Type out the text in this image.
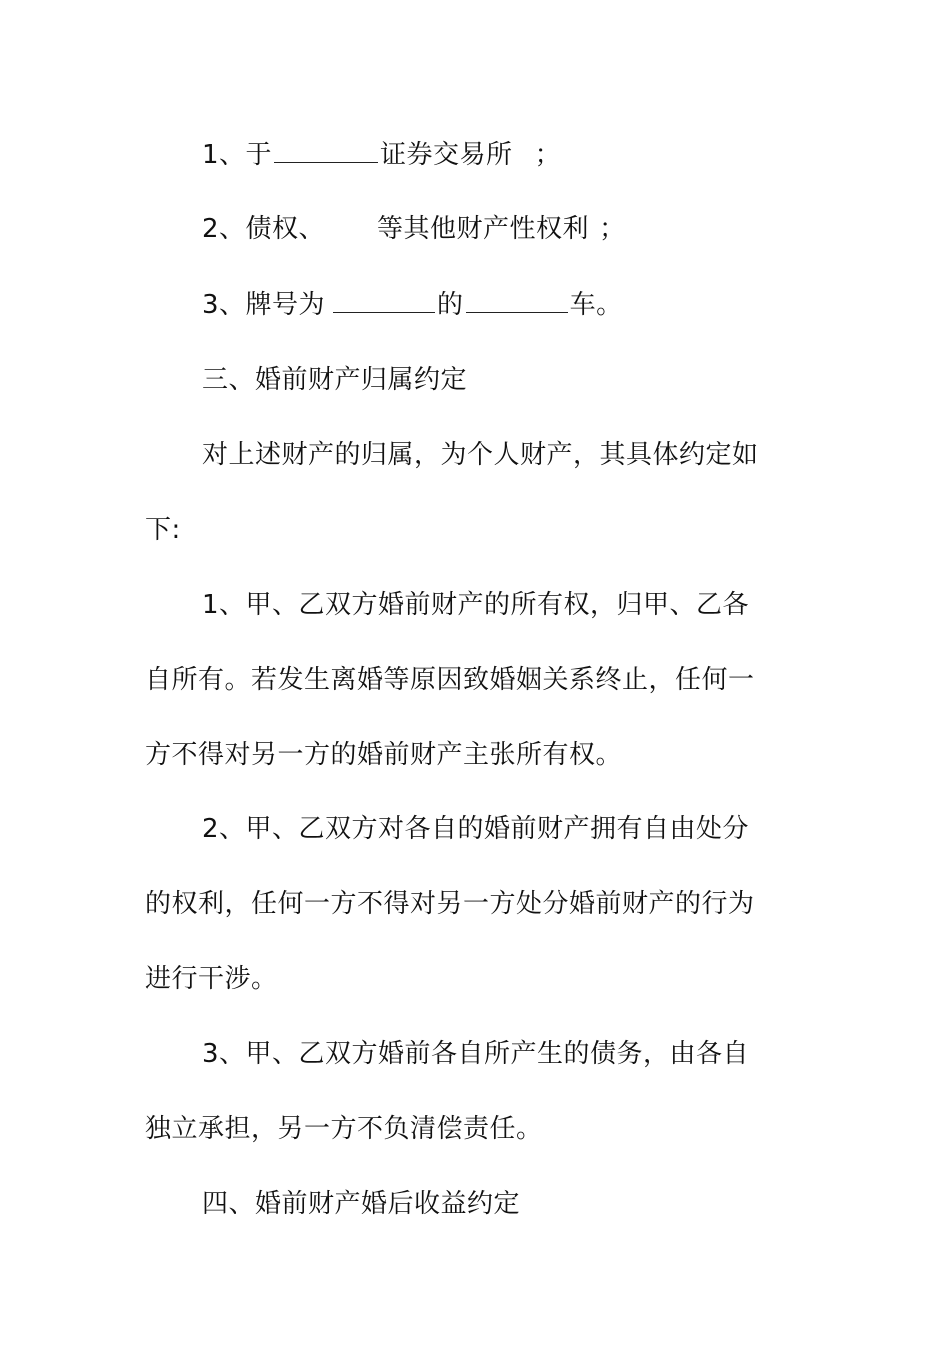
1、于	证券交易所 ；
2、债权、 等其他财产性权利 ；
3、牌号为	的	车。
三、婚前财产归属约定
对上述财产的归属，为个人财产，其具体约定如
下:
1、甲、乙双方婚前财产的所有权，归甲、乙各
自所有。若发生离婚等原因致婚姻关系终止，任何一
方不得对另一方的婚前财产主张所有权。
2、甲、乙双方对各自的婚前财产拥有自由处分
的权利，任何一方不得对另一方处分婚前财产的行为
进行干涉。
3、甲、乙双方婚前各自所产生的债务，由各自
独立承担，另一方不负清偿责任。
四、婚前财产婚后收益约定
